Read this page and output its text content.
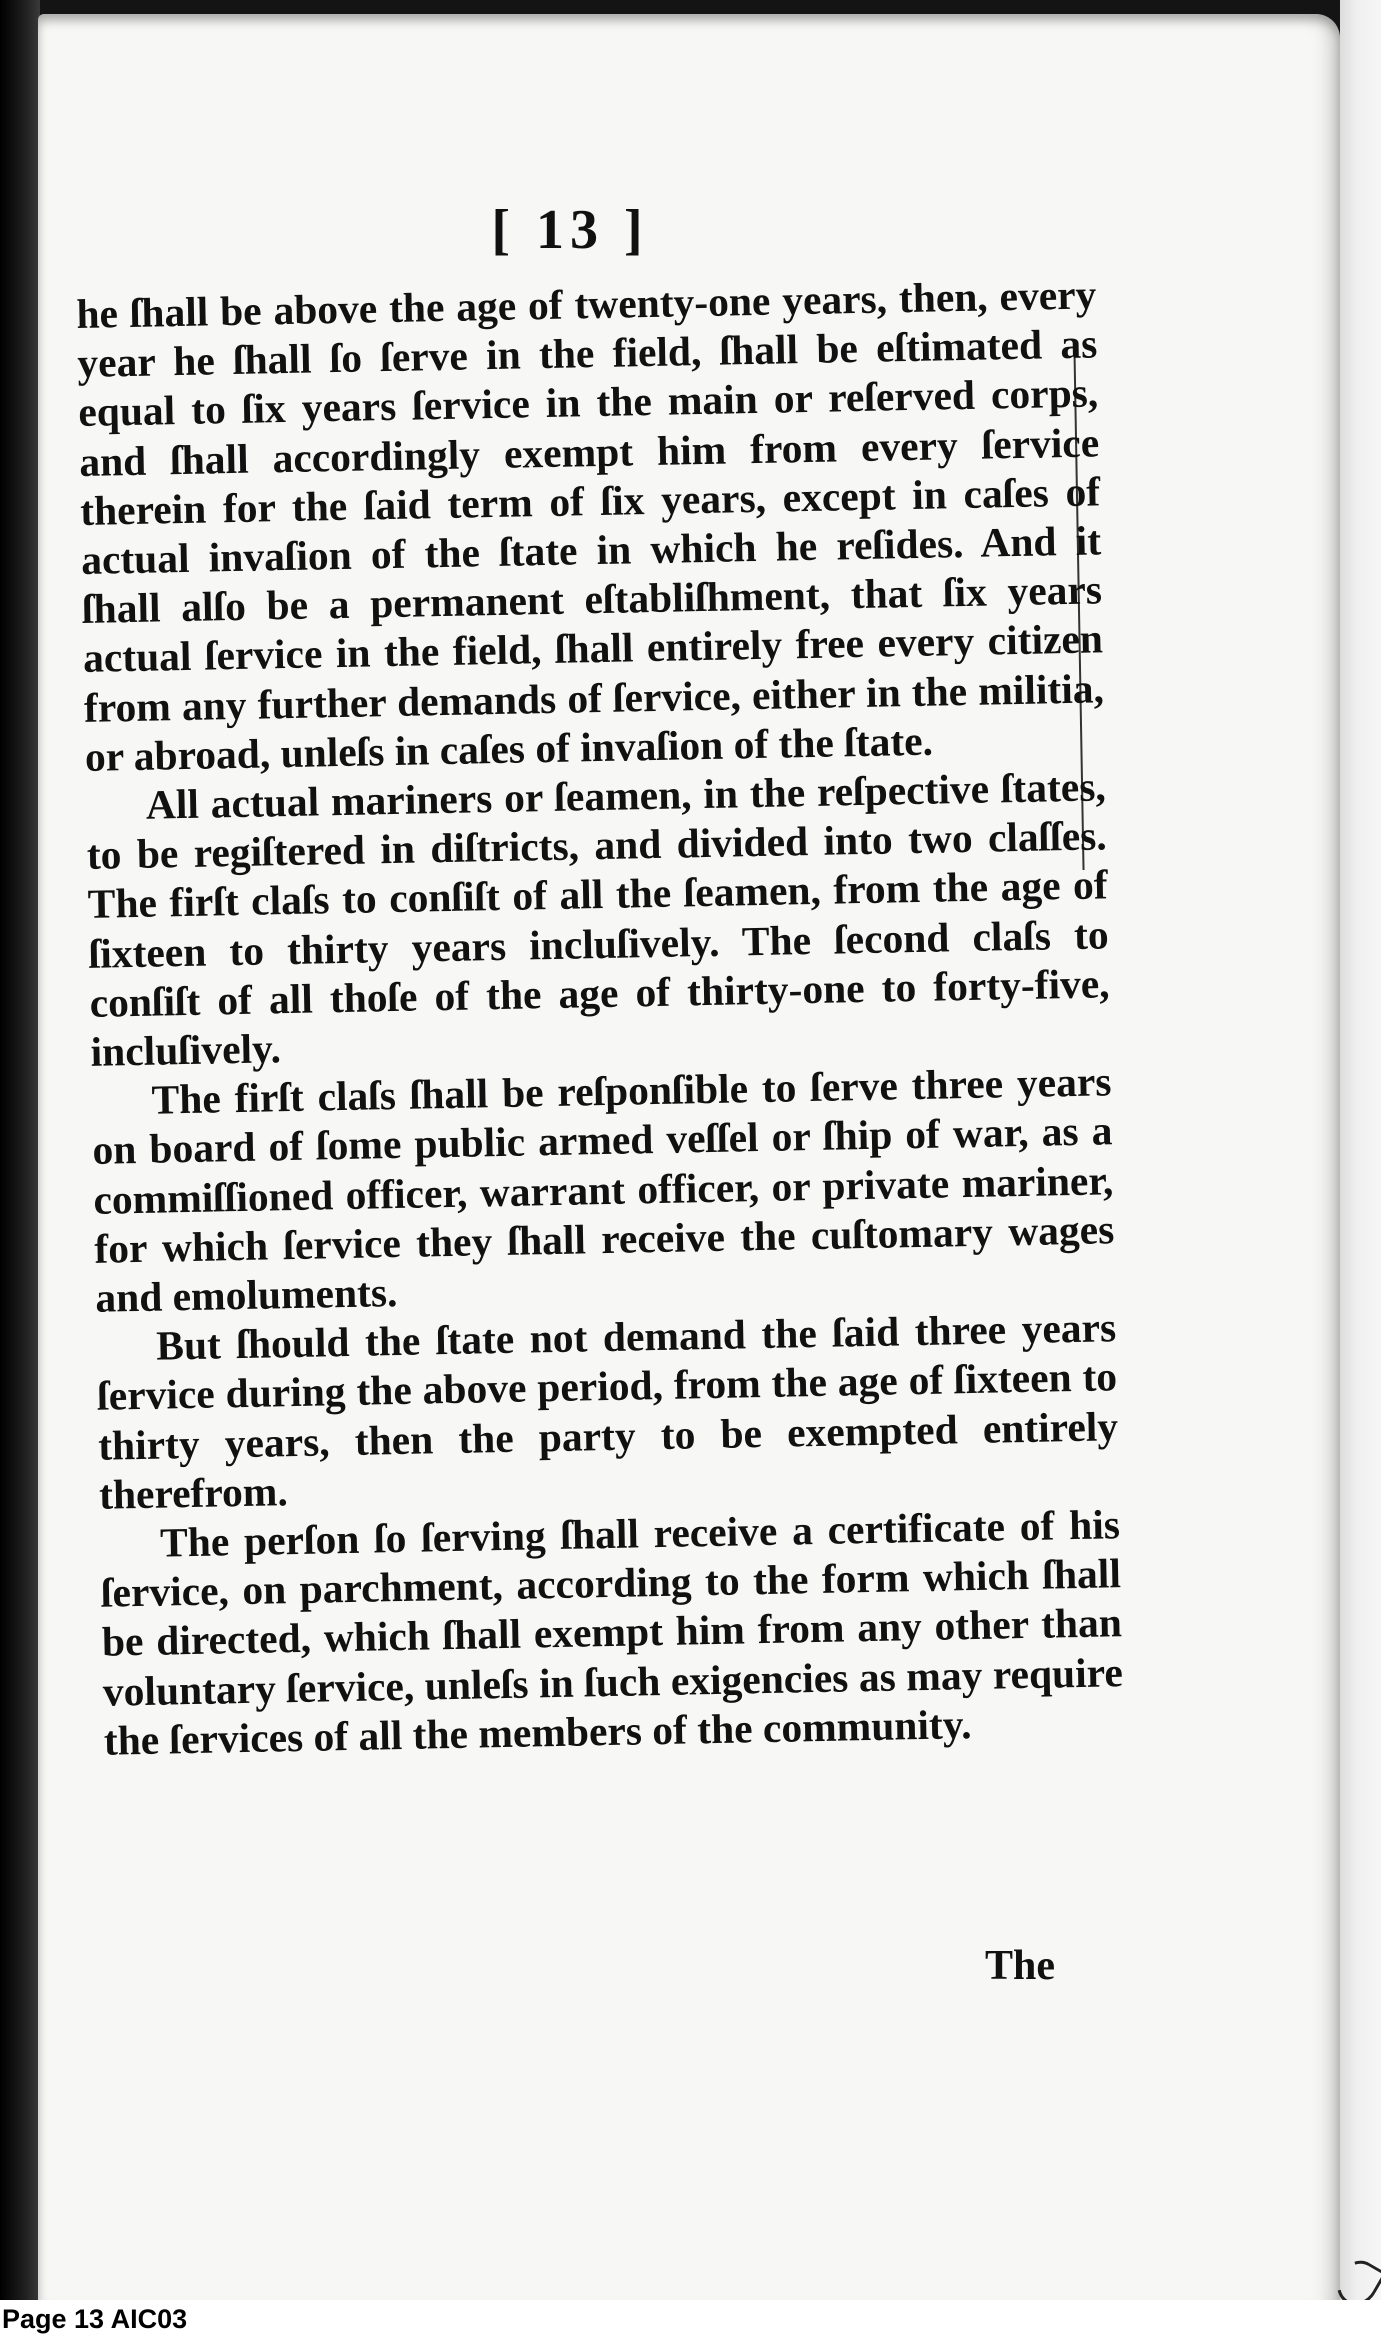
[ 13 ]

he ſhall be above the age of twenty-one years, then, every year he ſhall ſo ſerve in the field, ſhall be eſtimated as equal to ſix years ſervice in the main or reſerved corps, and ſhall accordingly exempt him from every ſervice therein for the ſaid term of ſix years, except in caſes of actual invaſion of the ſtate in which he reſides. And it ſhall alſo be a permanent eſtabliſhment, that ſix years actual ſervice in the field, ſhall entirely free every citizen from any further demands of ſervice, either in the militia, or abroad, unleſs in caſes of invaſion of the ſtate.

All actual mariners or ſeamen, in the reſpective ſtates, to be regiſtered in diſtricts, and divided into two claſſes. The firſt claſs to conſiſt of all the ſeamen, from the age of ſixteen to thirty years incluſively. The ſecond claſs to conſiſt of all thoſe of the age of thirty-one to forty-five, incluſively.

The firſt claſs ſhall be reſponſible to ſerve three years on board of ſome public armed veſſel or ſhip of war, as a commiſſioned officer, warrant officer, or private mariner, for which ſervice they ſhall receive the cuſtomary wages and emoluments.

But ſhould the ſtate not demand the ſaid three years ſervice during the above period, from the age of ſixteen to thirty years, then the party to be exempted entirely therefrom.

The perſon ſo ſerving ſhall receive a certificate of his ſervice, on parchment, according to the form which ſhall be directed, which ſhall exempt him from any other than voluntary ſervice, unleſs in ſuch exigencies as may require the ſervices of all the members of the community.

The
Page 13 AIC03
